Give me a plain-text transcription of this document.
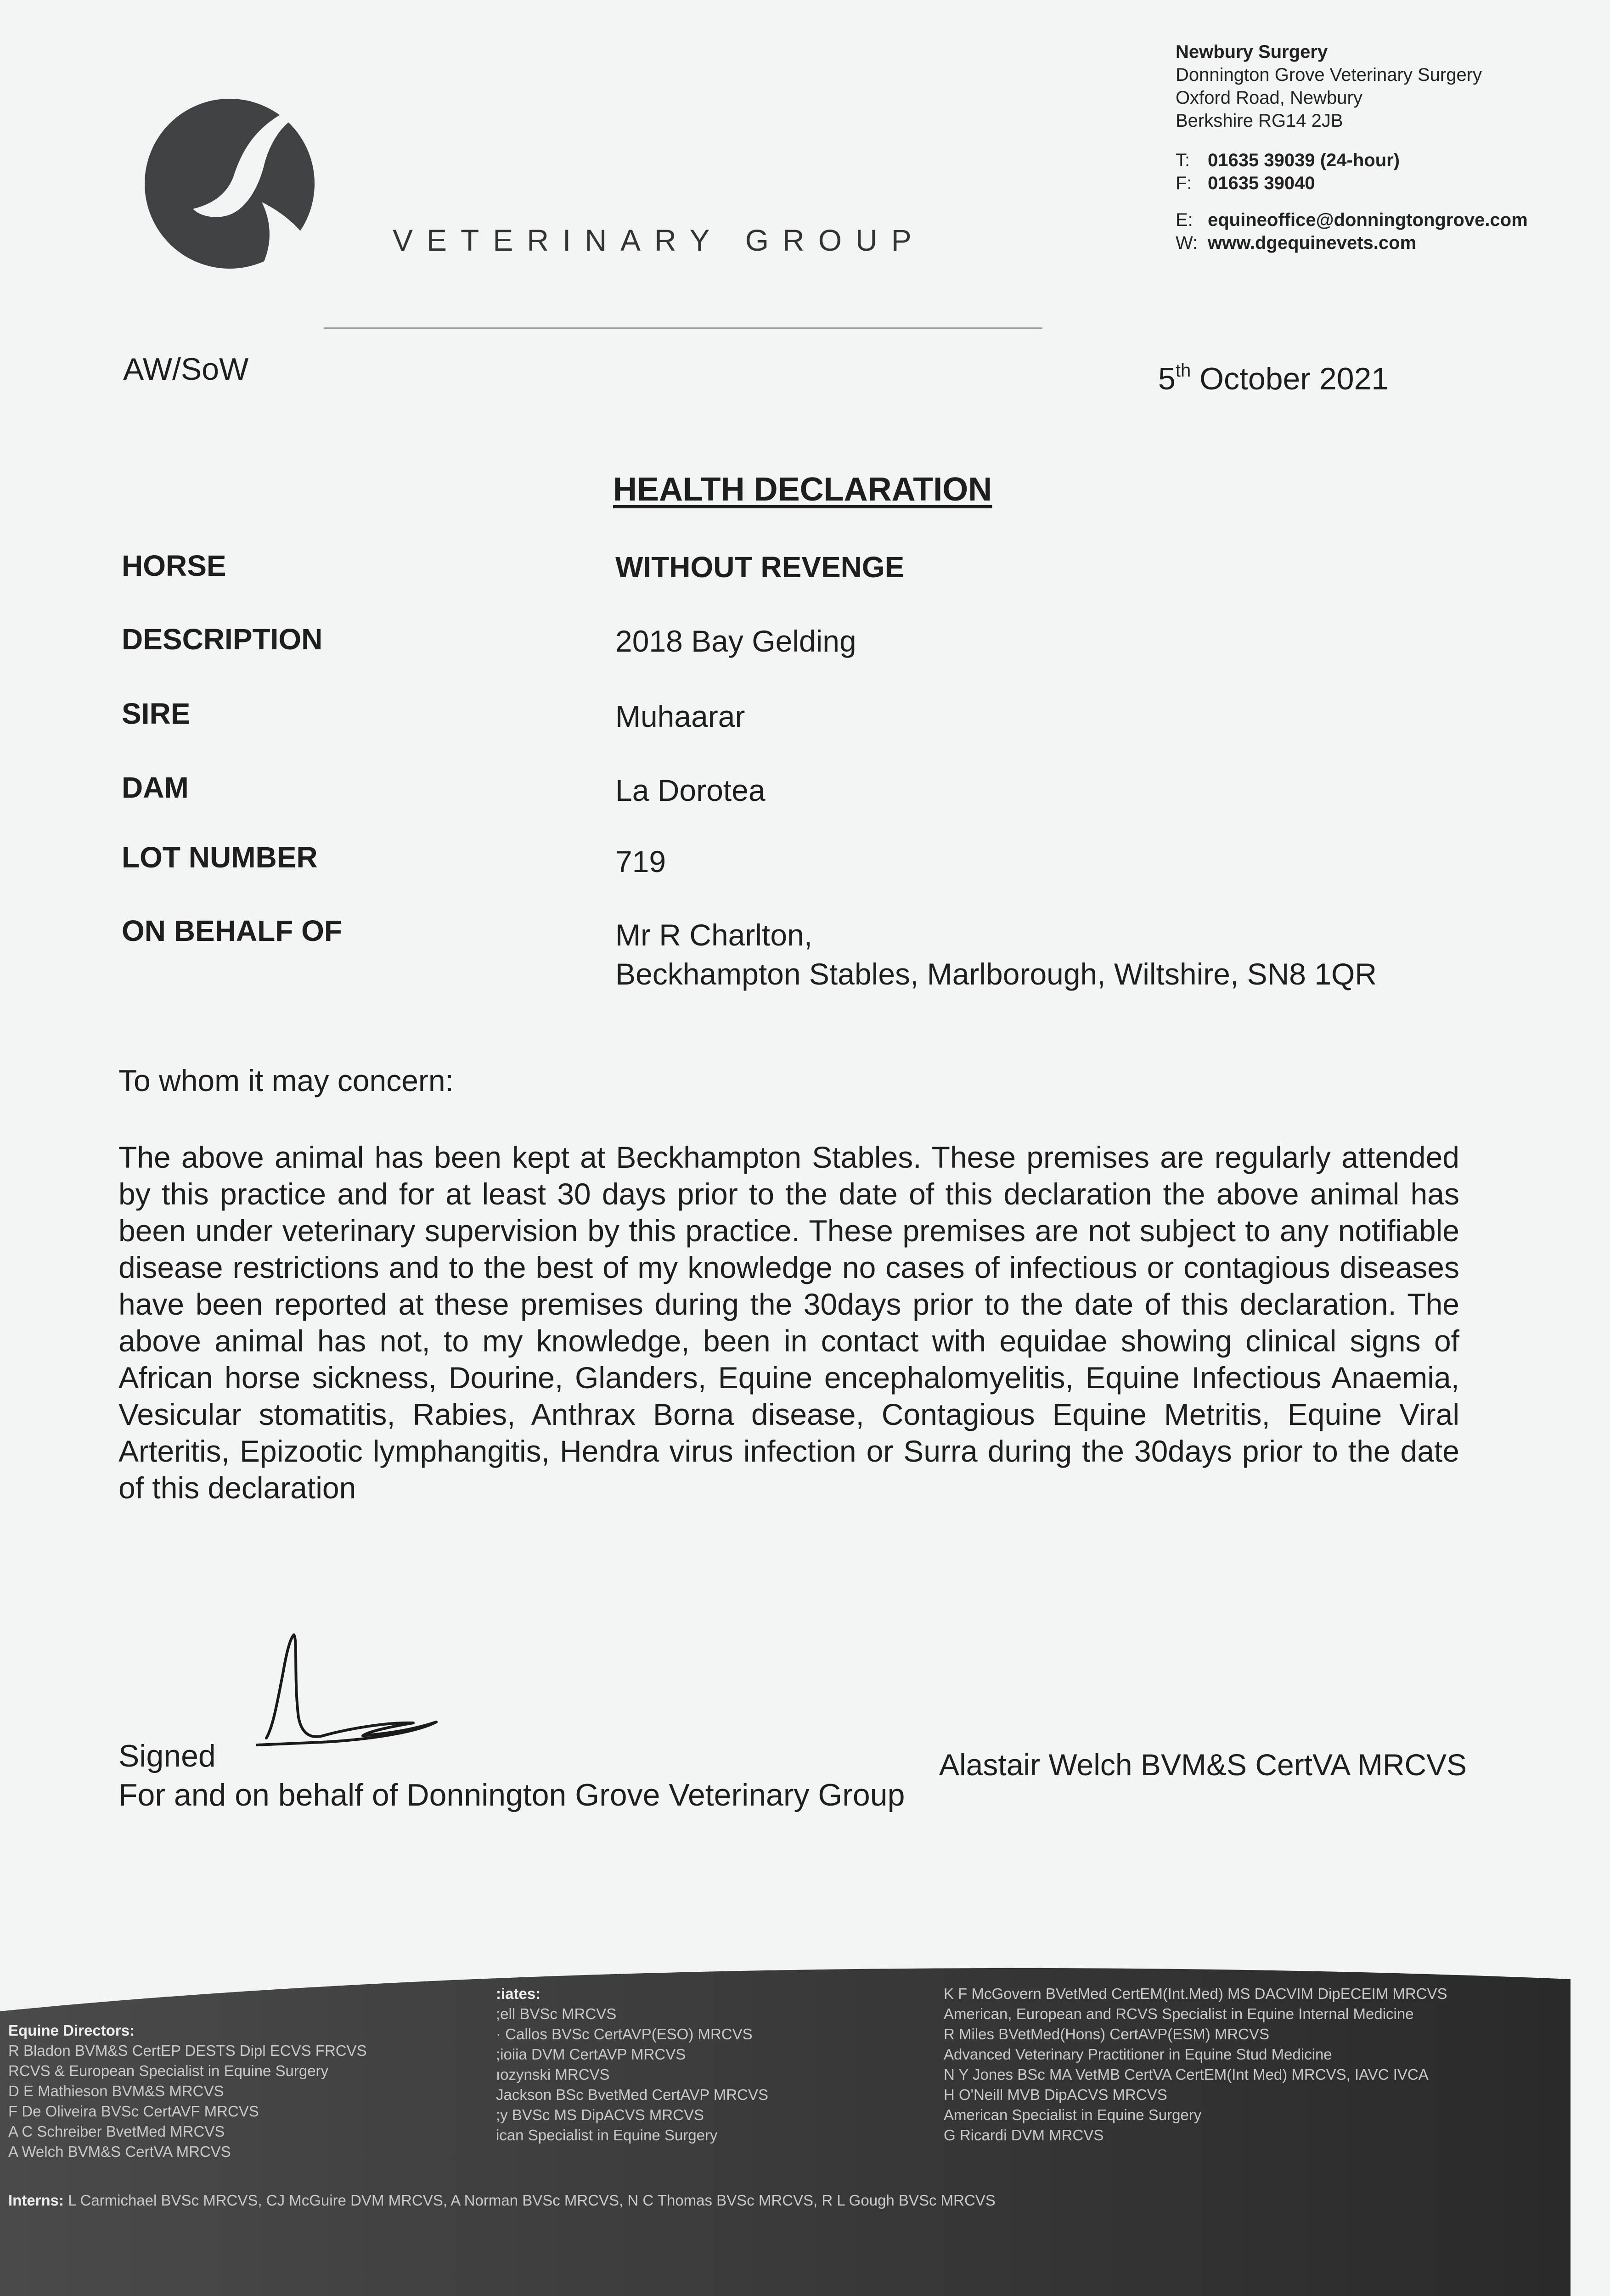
VETERINARY GROUP
Newbury Surgery
Donnington Grove Veterinary Surgery
Oxford Road, Newbury
Berkshire RG14 2JB
T: 01635 39039 (24-hour)
F: 01635 39040
E: equineoffice@donningtongrove.com
W: www.dgequinevets.com
AW/SoW	5th October 2021
HEALTH DECLARATION
HORSE	WITHOUT REVENGE
DESCRIPTION	2018 Bay Gelding
SIRE	Muhaarar
DAM	La Dorotea
LOT NUMBER	719
ON BEHALF OF	Mr R Charlton,
Beckhampton Stables, Marlborough, Wiltshire, SN8 1QR
To whom it may concern:
The above animal has been kept at Beckhampton Stables. These premises are regularly attended by this practice and for at least 30 days prior to the date of this declaration the above animal has been under veterinary supervision by this practice. These premises are not subject to any notifiable disease restrictions and to the best of my knowledge no cases of infectious or contagious diseases have been reported at these premises during the 30days prior to the date of this declaration. The above animal has not, to my knowledge, been in contact with equidae showing clinical signs of African horse sickness, Dourine, Glanders, Equine encephalomyelitis, Equine Infectious Anaemia, Vesicular stomatitis, Rabies, Anthrax Borna disease, Contagious Equine Metritis, Equine Viral Arteritis, Epizootic lymphangitis, Hendra virus infection or Surra during the 30days prior to the date of this declaration
Signed	Alastair Welch BVM&S CertVA MRCVS
For and on behalf of Donnington Grove Veterinary Group
Equine Directors:
R Bladon BVM&S CertEP DESTS Dipl ECVS FRCVS
RCVS & European Specialist in Equine Surgery
D E Mathieson BVM&S MRCVS
F De Oliveira BVSc CertAVF MRCVS
A C Schreiber BvetMed MRCVS
A Welch BVM&S CertVA MRCVS
:iates:
;ell BVSc MRCVS
· Callos BVSc CertAVP(ESO) MRCVS
;ioiia DVM CertAVP MRCVS
ıozynski MRCVS
Jackson BSc BvetMed CertAVP MRCVS
;y BVSc MS DipACVS MRCVS
ican Specialist in Equine Surgery
K F McGovern BVetMed CertEM(Int.Med) MS DACVIM DipECEIM MRCVS
American, European and RCVS Specialist in Equine Internal Medicine
R Miles BVetMed(Hons) CertAVP(ESM) MRCVS
Advanced Veterinary Practitioner in Equine Stud Medicine
N Y Jones BSc MA VetMB CertVA CertEM(Int Med) MRCVS, IAVC IVCA
H O'Neill MVB DipACVS MRCVS
American Specialist in Equine Surgery
G Ricardi DVM MRCVS
Interns: L Carmichael BVSc MRCVS, CJ McGuire DVM MRCVS, A Norman BVSc MRCVS, N C Thomas BVSc MRCVS, R L Gough BVSc MRCVS
